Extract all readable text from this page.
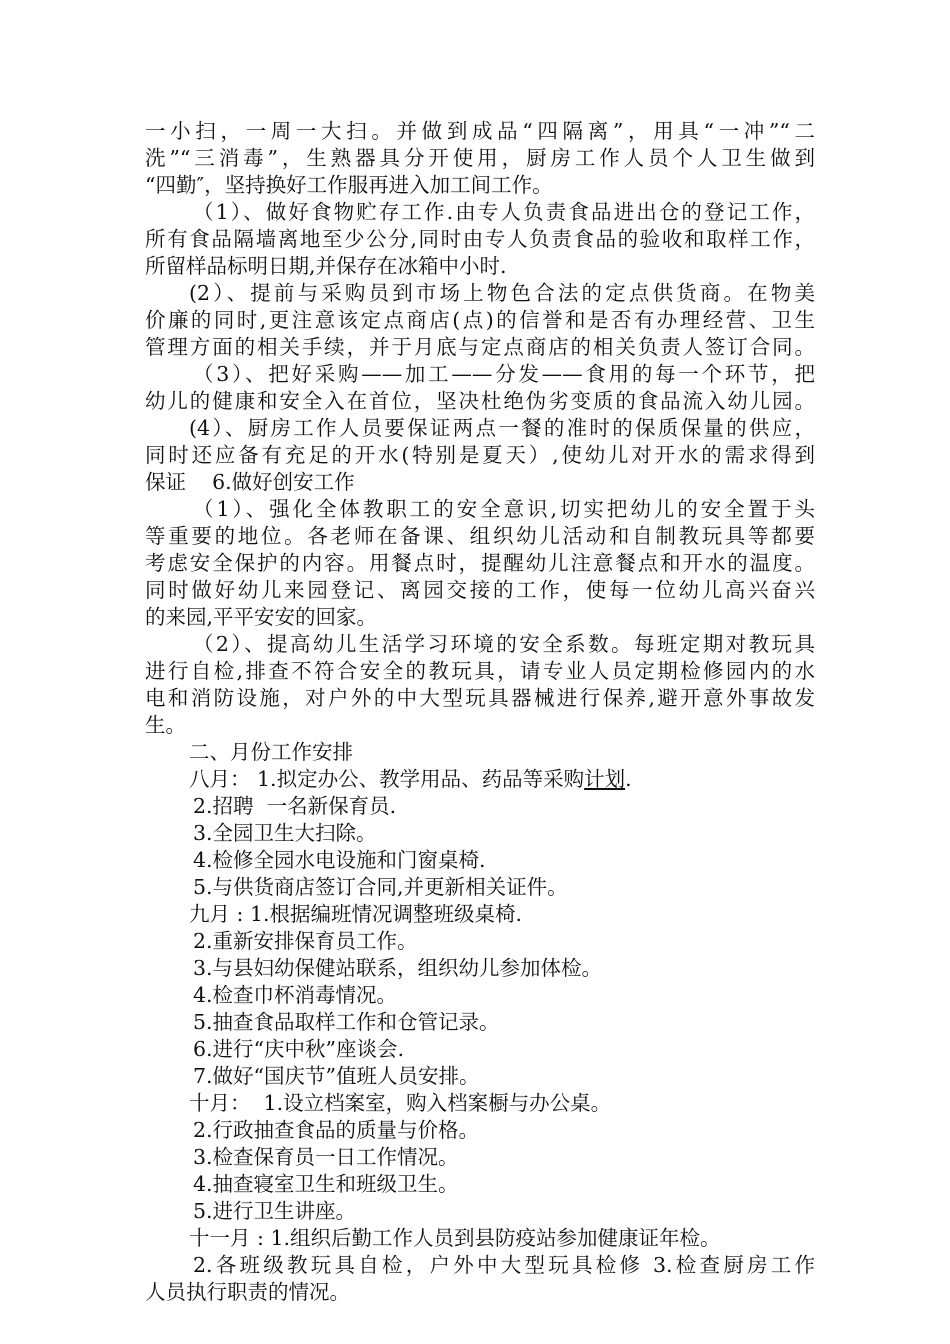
一小扫，一周一大扫。并做到成品“四隔离”，用具“一冲”“二
洗”“三消毒”，生熟器具分开使用，厨房工作人员个人卫生做到
“四勤″，坚持换好工作服再进入加工间工作。
（1）、做好食物贮存工作.由专人负责食品进出仓的登记工作，
所有食品隔墙离地至少公分,同时由专人负责食品的验收和取样工作，
所留样品标明日期,并保存在冰箱中小时.
(2）、提前与采购员到市场上物色合法的定点供货商。在物美
价廉的同时,更注意该定点商店(点)的信誉和是否有办理经营、卫生
管理方面的相关手续，并于月底与定点商店的相关负责人签订合同。
（3）、把好采购——加工——分发——食用的每一个环节，把
幼儿的健康和安全入在首位，坚决杜绝伪劣变质的食品流入幼儿园。
(4）、厨房工作人员要保证两点一餐的准时的保质保量的供应，
同时还应备有充足的开水(特别是夏天）,使幼儿对开水的需求得到
保证    6.做好创安工作
（1）、强化全体教职工的安全意识,切实把幼儿的安全置于头
等重要的地位。各老师在备课、组织幼儿活动和自制教玩具等都要
考虑安全保护的内容。用餐点时，提醒幼儿注意餐点和开水的温度。
同时做好幼儿来园登记、离园交接的工作，使每一位幼儿高兴奋兴
的来园,平平安安的回家。
（2）、提高幼儿生活学习环境的安全系数。每班定期对教玩具
进行自检,排查不符合安全的教玩具，请专业人员定期检修园内的水
电和消防设施，对户外的中大型玩具器械进行保养,避开意外事故发
生。
二、月份工作安排
八月： 1.拟定办公、教学用品、药品等采购计划.
2.招聘  一名新保育员.
3.全园卫生大扫除。
4.检修全园水电设施和门窗桌椅.
5.与供货商店签订合同,并更新相关证件。
九月 : 1.根据编班情况调整班级桌椅.
2.重新安排保育员工作。
3.与县妇幼保健站联系，组织幼儿参加体检。
4.检查巾杯消毒情况。
5.抽查食品取样工作和仓管记录。
6.进行“庆中秋”座谈会.
7.做好“国庆节”值班人员安排。
十月：  1.设立档案室，购入档案橱与办公桌。
2.行政抽查食品的质量与价格。
3.检查保育员一日工作情况。
4.抽查寝室卫生和班级卫生。
5.进行卫生讲座。
十一月 : 1.组织后勤工作人员到县防疫站参加健康证年检。
2.各班级教玩具自检，户外中大型玩具检修 3.检查厨房工作
人员执行职责的情况。
